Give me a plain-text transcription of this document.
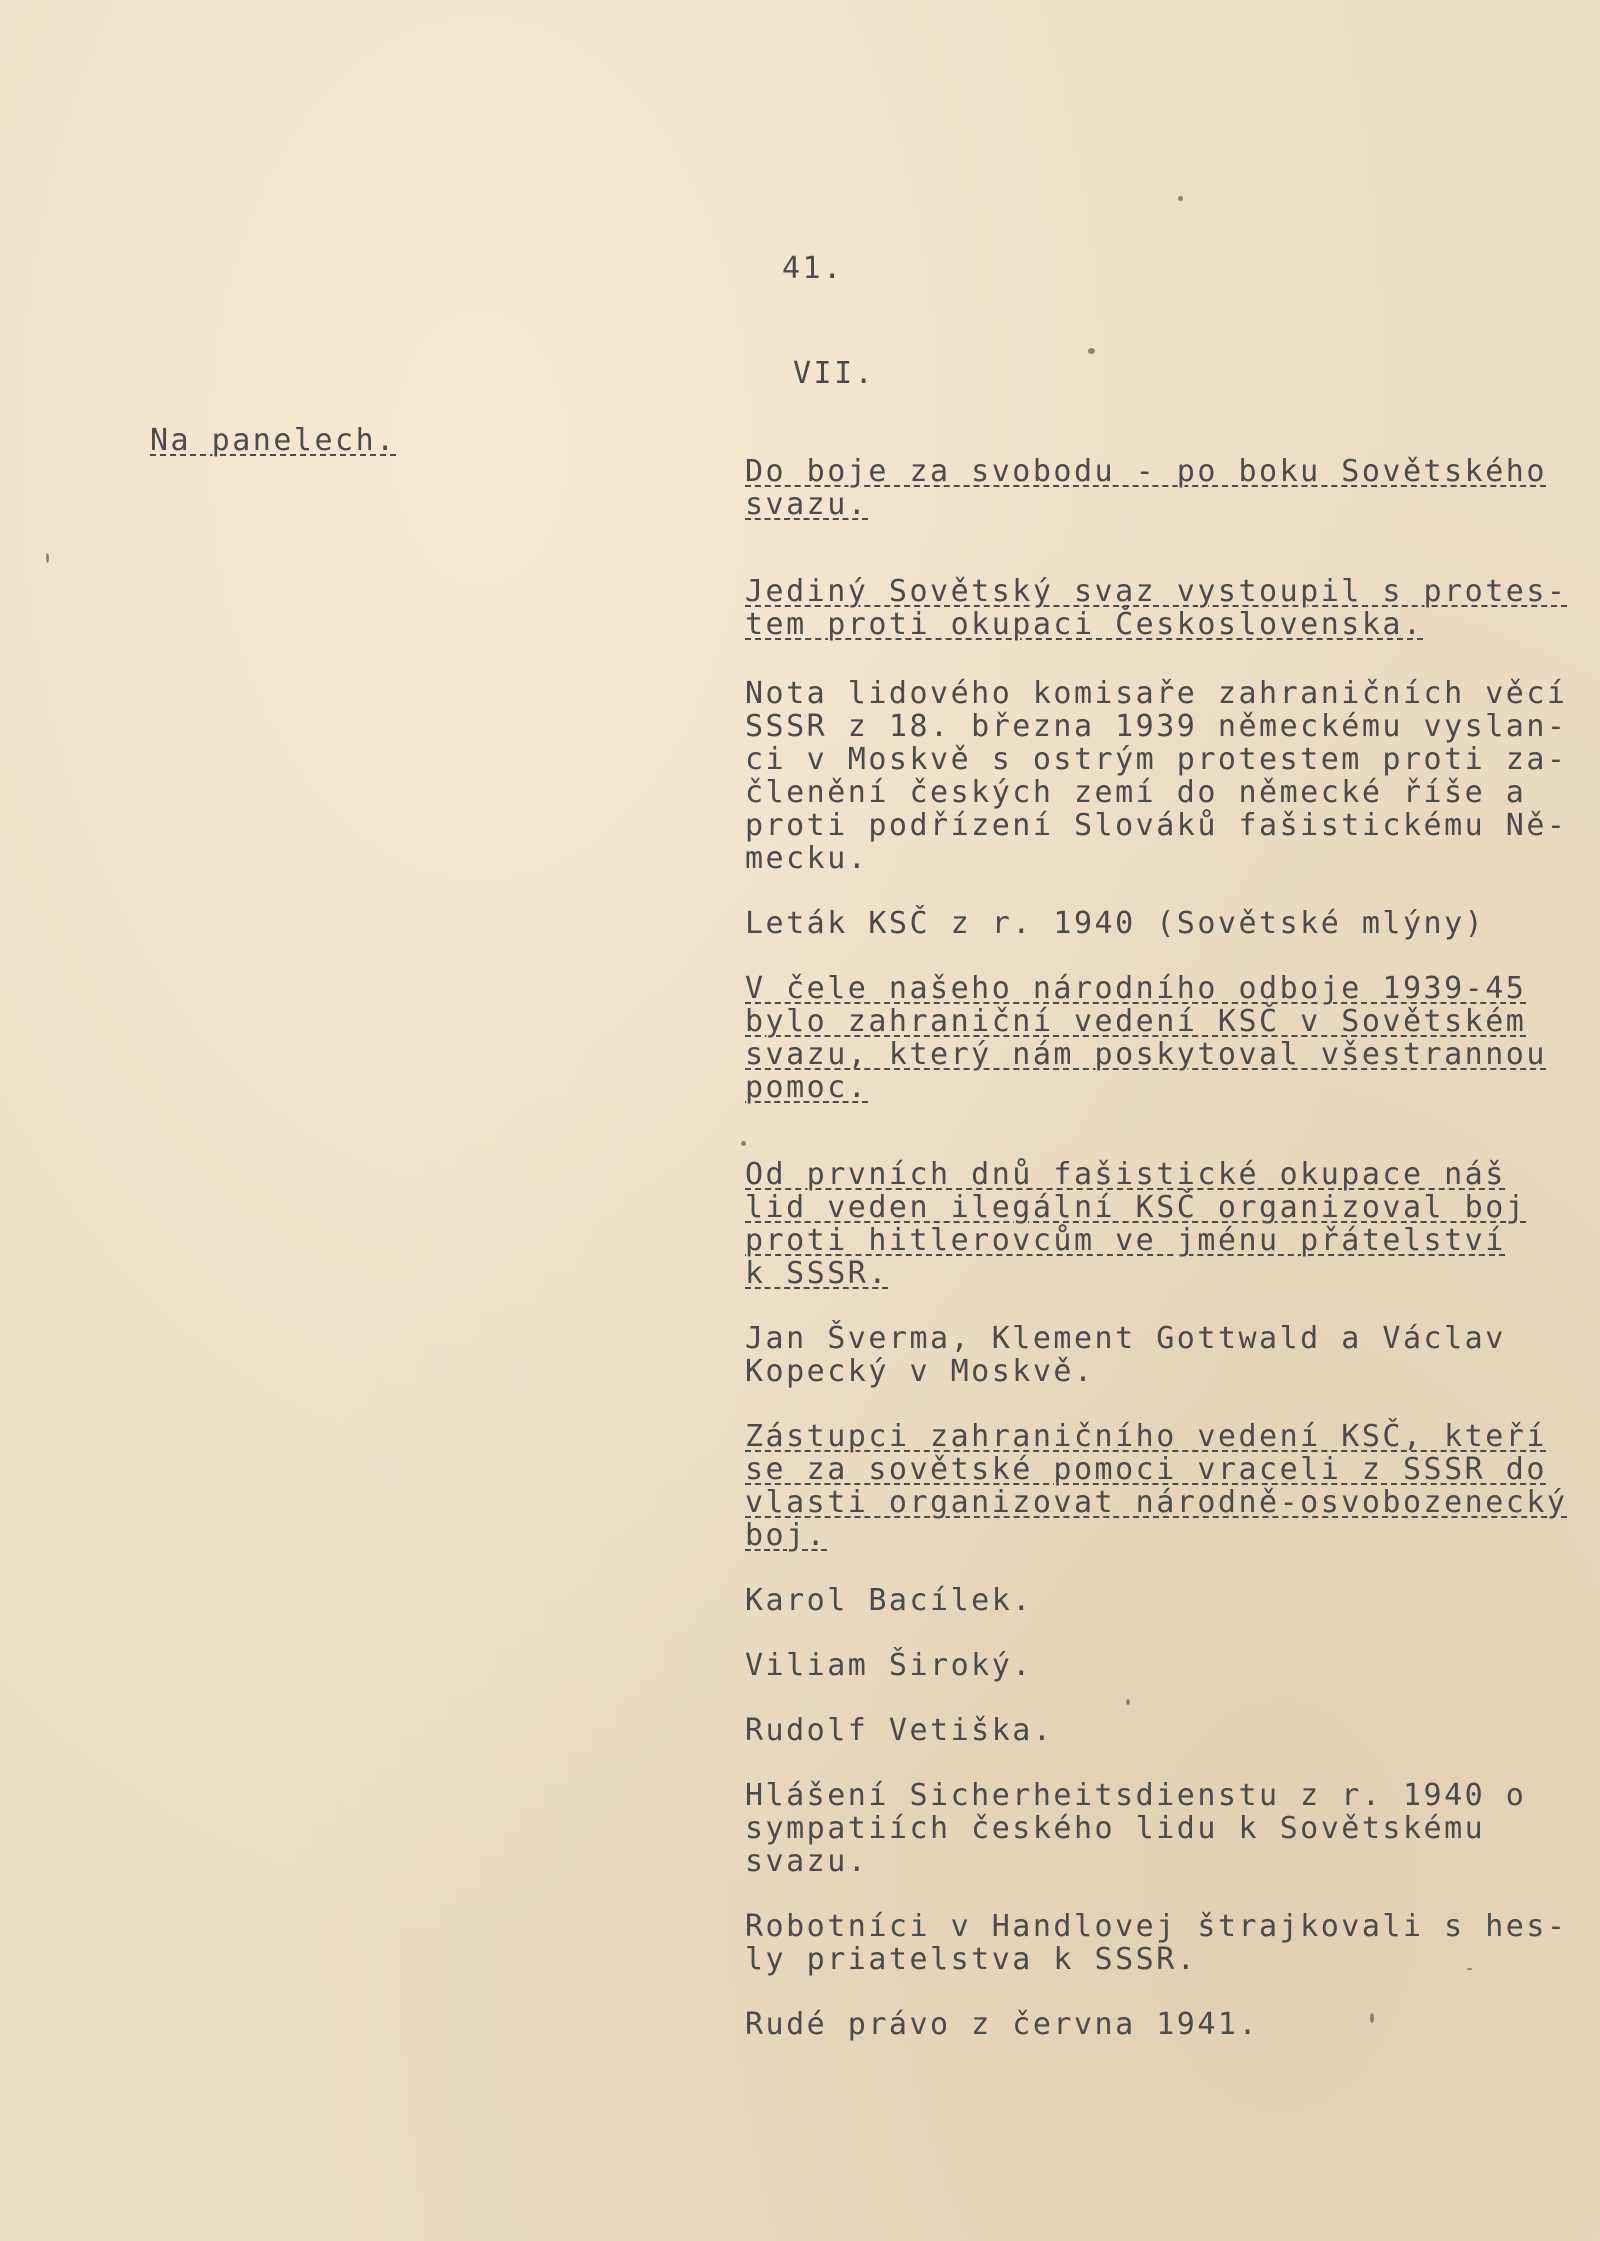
41.

VII.

Na panelech.

Do boje za svobodu - po boku Sovětského

svazu.

Jediný Sovětský svaz vystoupil s protes-

tem proti okupaci Československa.

Nota lidového komisaře zahraničních věcí

SSSR z 18. března 1939 německému vyslan-

ci v Moskvě s ostrým protestem proti za-

členění českých zemí do německé říše a

proti podřízení Slováků fašistickému Ně-

mecku.

Leták KSČ z r. 1940 (Sovětské mlýny)

V čele našeho národního odboje 1939-45

bylo zahraniční vedení KSČ v Sovětském

svazu, který nám poskytoval všestrannou

pomoc.

Od prvních dnů fašistické okupace náš

lid veden ilegální KSČ organizoval boj

proti hitlerovcům ve jménu přátelství

k SSSR.

Jan Šverma, Klement Gottwald a Václav

Kopecký v Moskvě.

Zástupci zahraničního vedení KSČ, kteří

se za sovětské pomoci vraceli z SSSR do

vlasti organizovat národně-osvobozenecký

boj.

Karol Bacílek.

Viliam Široký.

Rudolf Vetiška.

Hlášení Sicherheitsdienstu z r. 1940 o

sympatiích českého lidu k Sovětskému

svazu.

Robotníci v Handlovej štrajkovali s hes-

ly priatelstva k SSSR.

Rudé právo z června 1941.
